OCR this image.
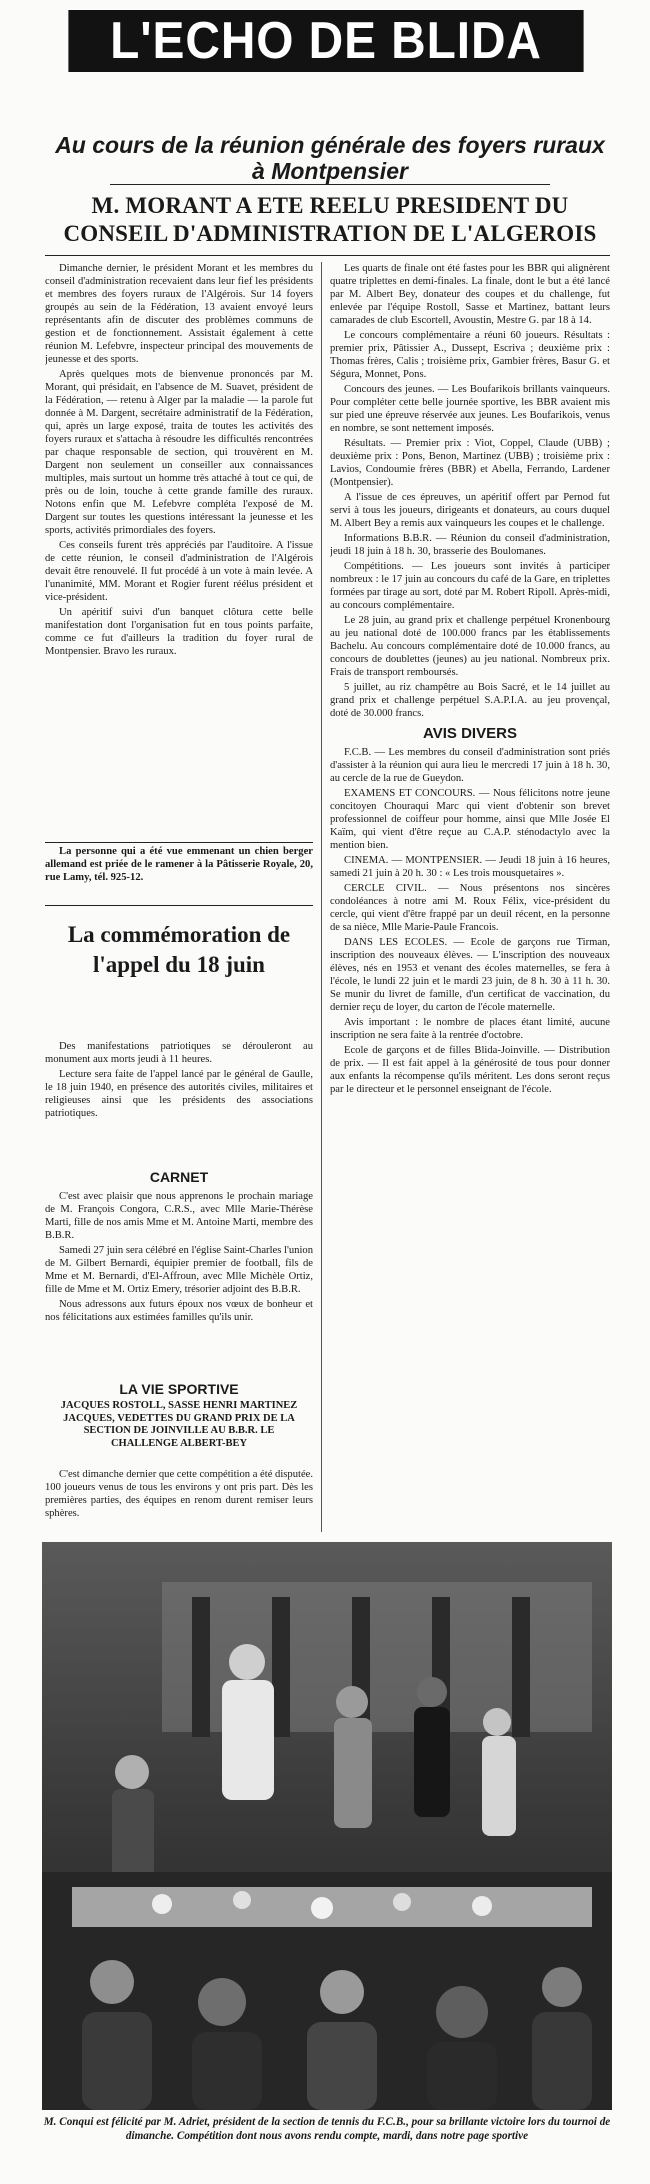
L'ECHO DE BLIDA
Au cours de la réunion générale des foyers ruraux à Montpensier
M. MORANT A ETE REELU PRESIDENT DU CONSEIL D'ADMINISTRATION DE L'ALGEROIS

Dimanche dernier, le président Morant et les membres du conseil d'administration recevaient dans leur fief les présidents et membres des foyers ruraux de l'Algérois. Sur 14 foyers groupés au sein de la Fédération, 13 avaient envoyé leurs représentants afin de discuter des problèmes communs de gestion et de fonctionnement. Assistait également à cette réunion M. Lefebvre, inspecteur principal des mouvements de jeunesse et des sports.

Après quelques mots de bienvenue prononcés par M. Morant, qui présidait, en l'absence de M. Suavet, président de la Fédération, — retenu à Alger par la maladie — la parole fut donnée à M. Dargent, secrétaire administratif de la Fédération, qui, après un large exposé, traita de toutes les activités des foyers ruraux et s'attacha à résoudre les difficultés rencontrées par chaque responsable de section, qui trouvèrent en M. Dargent non seulement un conseiller aux connaissances multiples, mais surtout un homme très attaché à tout ce qui, de près ou de loin, touche à cette grande famille des ruraux. Notons enfin que M. Lefebvre compléta l'exposé de M. Dargent sur toutes les questions intéressant la jeunesse et les sports, activités primordiales des foyers.

Ces conseils furent très appréciés par l'auditoire. A l'issue de cette réunion, le conseil d'administration de l'Algérois devait être renouvelé. Il fut procédé à un vote à main levée. A l'unanimité, MM. Morant et Rogier furent réélus président et vice-président.

Un apéritif suivi d'un banquet clôtura cette belle manifestation dont l'organisation fut en tous points parfaite, comme ce fut d'ailleurs la tradition du foyer rural de Montpensier. Bravo les ruraux.

La personne qui a été vue emmenant un chien berger allemand est priée de le ramener à la Pâtisserie Royale, 20, rue Lamy, tél. 925-12.

La commémoration de l'appel du 18 juin

Des manifestations patriotiques se dérouleront au monument aux morts jeudi à 11 heures.

Lecture sera faite de l'appel lancé par le général de Gaulle, le 18 juin 1940, en présence des autorités civiles, militaires et religieuses ainsi que les présidents des associations patriotiques.

CARNET

C'est avec plaisir que nous apprenons le prochain mariage de M. François Congora, C.R.S., avec Mlle Marie-Thérèse Marti, fille de nos amis Mme et M. Antoine Marti, membre des B.B.R.

Samedi 27 juin sera célébré en l'église Saint-Charles l'union de M. Gilbert Bernardi, équipier premier de football, fils de Mme et M. Bernardi, d'El-Affroun, avec Mlle Michèle Ortiz, fille de Mme et M. Ortiz Emery, trésorier adjoint des B.B.R.

Nous adressons aux futurs époux nos vœux de bonheur et nos félicitations aux estimées familles qu'ils unir.

LA VIE SPORTIVE
JACQUES ROSTOLL, SASSE HENRI MARTINEZ JACQUES, VEDETTES DU GRAND PRIX DE LA SECTION DE JOINVILLE AU B.B.R. LE CHALLENGE ALBERT-BEY

C'est dimanche dernier que cette compétition a été disputée. 100 joueurs venus de tous les environs y ont pris part. Dès les premières parties, des équipes en renom durent remiser leurs sphères.

Les quarts de finale ont été fastes pour les BBR qui alignèrent quatre triplettes en demi-finales. La finale, dont le but a été lancé par M. Albert Bey, donateur des coupes et du challenge, fut enlevée par l'équipe Rostoll, Sasse et Martinez, battant leurs camarades de club Escortell, Avoustin, Mestre G. par 18 à 14.

Le concours complémentaire a réuni 60 joueurs. Résultats : premier prix, Pâtissier A., Dussept, Escriva ; deuxième prix : Thomas frères, Calis ; troisième prix, Gambier frères, Basur G. et Ségura, Monnet, Pons.

Concours des jeunes. — Les Boufarikois brillants vainqueurs. Pour compléter cette belle journée sportive, les BBR avaient mis sur pied une épreuve réservée aux jeunes. Les Boufarikois, venus en nombre, se sont nettement imposés.

Résultats. — Premier prix : Viot, Coppel, Claude (UBB) ; deuxième prix : Pons, Benon, Martinez (UBB) ; troisième prix : Lavios, Condoumie frères (BBR) et Abella, Ferrando, Lardener (Montpensier).

A l'issue de ces épreuves, un apéritif offert par Pernod fut servi à tous les joueurs, dirigeants et donateurs, au cours duquel M. Albert Bey a remis aux vainqueurs les coupes et le challenge.

Informations B.B.R. — Réunion du conseil d'administration, jeudi 18 juin à 18 h. 30, brasserie des Boulomanes.

Compétitions. — Les joueurs sont invités à participer nombreux : le 17 juin au concours du café de la Gare, en triplettes formées par tirage au sort, doté par M. Robert Ripoll. Après-midi, au concours complémentaire.

Le 28 juin, au grand prix et challenge perpétuel Kronenbourg au jeu national doté de 100.000 francs par les établissements Bachelu. Au concours complémentaire doté de 10.000 francs, au concours de doublettes (jeunes) au jeu national. Nombreux prix. Frais de transport remboursés.

5 juillet, au riz champêtre au Bois Sacré, et le 14 juillet au grand prix et challenge perpétuel S.A.P.I.A. au jeu provençal, doté de 30.000 francs.

AVIS DIVERS

F.C.B. — Les membres du conseil d'administration sont priés d'assister à la réunion qui aura lieu le mercredi 17 juin à 18 h. 30, au cercle de la rue de Gueydon.

EXAMENS ET CONCOURS. — Nous félicitons notre jeune concitoyen Chouraqui Marc qui vient d'obtenir son brevet professionnel de coiffeur pour homme, ainsi que Mlle Josée El Kaïm, qui vient d'être reçue au C.A.P. sténodactylo avec la mention bien.

CINEMA. — MONTPENSIER. — Jeudi 18 juin à 16 heures, samedi 21 juin à 20 h. 30 : « Les trois mousquetaires ».

CERCLE CIVIL. — Nous présentons nos sincères condoléances à notre ami M. Roux Félix, vice-président du cercle, qui vient d'être frappé par un deuil récent, en la personne de sa nièce, Mlle Marie-Paule Francois.

DANS LES ECOLES. — Ecole de garçons rue Tirman, inscription des nouveaux élèves. — L'inscription des nouveaux élèves, nés en 1953 et venant des écoles maternelles, se fera à l'école, le lundi 22 juin et le mardi 23 juin, de 8 h. 30 à 11 h. 30. Se munir du livret de famille, d'un certificat de vaccination, du dernier reçu de loyer, du carton de l'école maternelle.

Avis important : le nombre de places étant limité, aucune inscription ne sera faite à la rentrée d'octobre.

Ecole de garçons et de filles Blida-Joinville. — Distribution de prix. — Il est fait appel à la générosité de tous pour donner aux enfants la récompense qu'ils méritent. Les dons seront reçus par le directeur et le personnel enseignant de l'école.

M. Conqui est félicité par M. Adriet, président de la section de tennis du F.C.B., pour sa brillante victoire lors du tournoi de dimanche. Compétition dont nous avons rendu compte, mardi, dans notre page sportive
